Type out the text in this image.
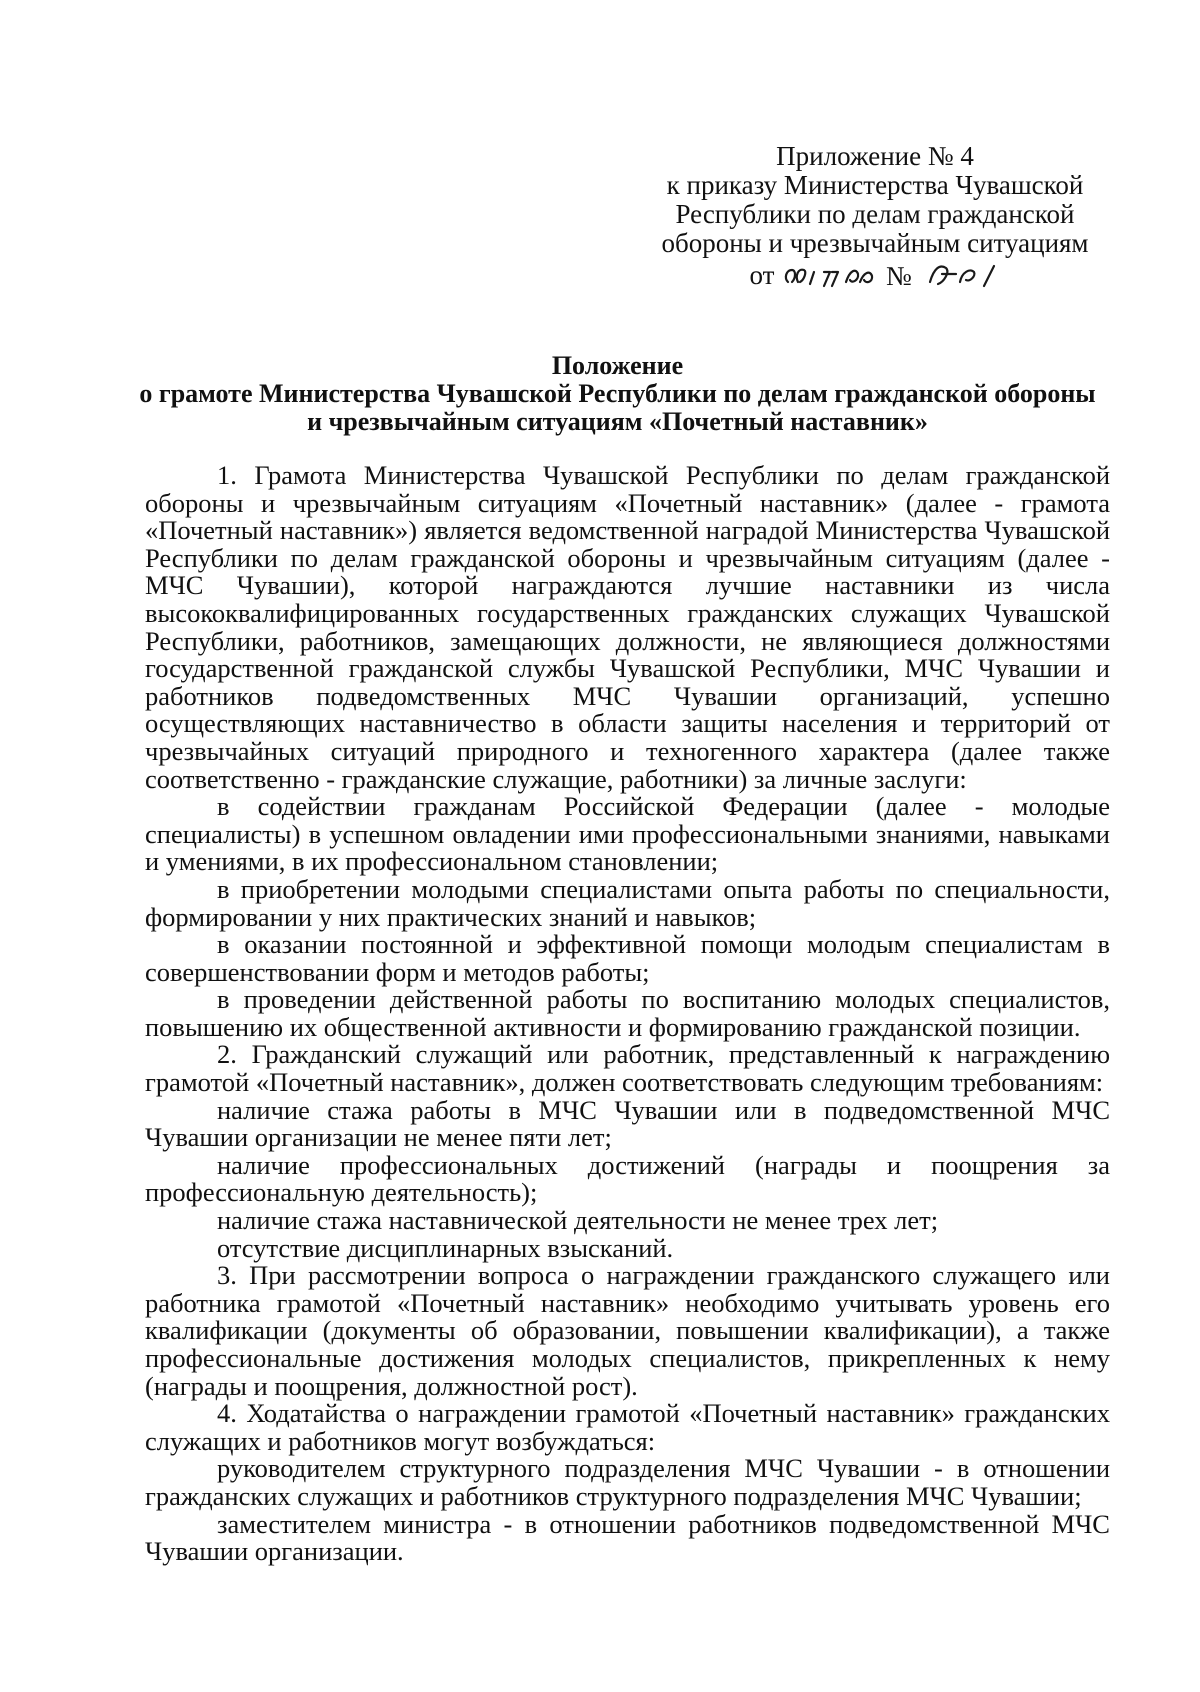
Приложение № 4
к приказу Министерства Чувашской
Республики по делам гражданской
обороны и чрезвычайным ситуациям
от	№
Положение
о грамоте Министерства Чувашской Республики по делам гражданской обороны
и чрезвычайным ситуациям «Почетный наставник»

1. Грамота Министерства Чувашской Республики по делам гражданской обороны и чрезвычайным ситуациям «Почетный наставник» (далее - грамота «Почетный наставник») является ведомственной наградой Министерства Чувашской Республики по делам гражданской обороны и чрезвычайным ситуациям (далее - МЧС Чувашии), которой награждаются лучшие наставники из числа высококвалифицированных государственных гражданских служащих Чувашской Республики, работников, замещающих должности, не являющиеся должностями государственной гражданской службы Чувашской Республики, МЧС Чувашии и работников подведомственных МЧС Чувашии организаций, успешно осуществляющих наставничество в области защиты населения и территорий от чрезвычайных ситуаций природного и техногенного характера (далее также соответственно - гражданские служащие, работники) за личные заслуги:

в содействии гражданам Российской Федерации (далее - молодые специалисты) в успешном овладении ими профессиональными знаниями, навыками и умениями, в их профессиональном становлении;

в приобретении молодыми специалистами опыта работы по специальности, формировании у них практических знаний и навыков;

в оказании постоянной и эффективной помощи молодым специалистам в совершенствовании форм и методов работы;

в проведении действенной работы по воспитанию молодых специалистов, повышению их общественной активности и формированию гражданской позиции.

2. Гражданский служащий или работник, представленный к награждению грамотой «Почетный наставник», должен соответствовать следующим требованиям:

наличие стажа работы в МЧС Чувашии или в подведомственной МЧС Чувашии организации не менее пяти лет;

наличие профессиональных достижений (награды и поощрения за профессиональную деятельность);

наличие стажа наставнической деятельности не менее трех лет;

отсутствие дисциплинарных взысканий.

3. При рассмотрении вопроса о награждении гражданского служащего или работника грамотой «Почетный наставник» необходимо учитывать уровень его квалификации (документы об образовании, повышении квалификации), а также профессиональные достижения молодых специалистов, прикрепленных к нему (награды и поощрения, должностной рост).

4. Ходатайства о награждении грамотой «Почетный наставник» гражданских служащих и работников могут возбуждаться:

руководителем структурного подразделения МЧС Чувашии - в отношении гражданских служащих и работников структурного подразделения МЧС Чувашии;

заместителем министра - в отношении работников подведомственной МЧС Чувашии организации.
